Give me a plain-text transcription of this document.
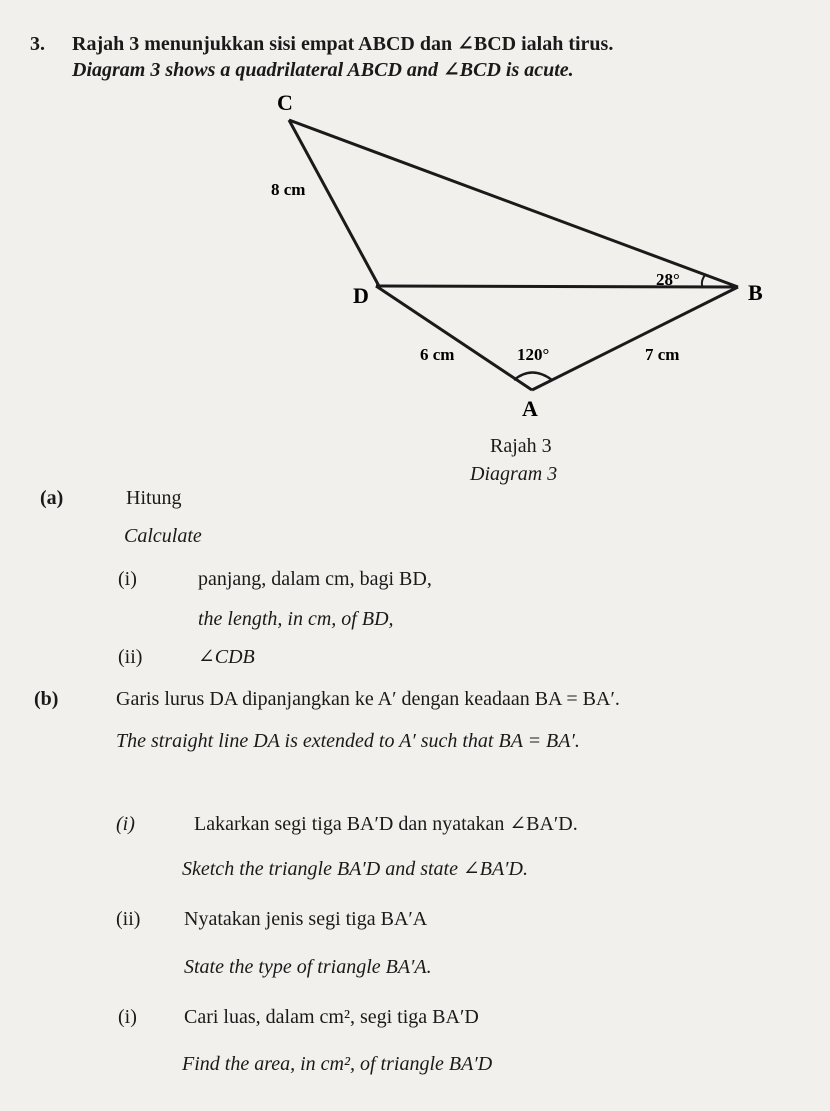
3. Rajah 3 menunjukkan sisi empat ABCD dan ∠BCD ialah tirus.
Diagram 3 shows a quadrilateral ABCD and ∠BCD is acute.
C
D	B
A
8 cm
6 cm	7 cm
28°
120°
Rajah 3
Diagram 3
(a)	Hitung
Calculate
(i)	panjang, dalam cm, bagi BD,
the length, in cm, of BD,
(ii)	∠CDB
(b)	Garis lurus DA dipanjangkan ke A′ dengan keadaan BA = BA′.
The straight line DA is extended to A′ such that BA = BA′.
(i)	Lakarkan segi tiga BA′D dan nyatakan ∠BA′D.
Sketch the triangle BA′D and state ∠BA′D.
(ii) Nyatakan jenis segi tiga BA′A
State the type of triangle BA′A.
(i) Cari luas, dalam cm², segi tiga BA′D
Find the area, in cm², of triangle BA′D
